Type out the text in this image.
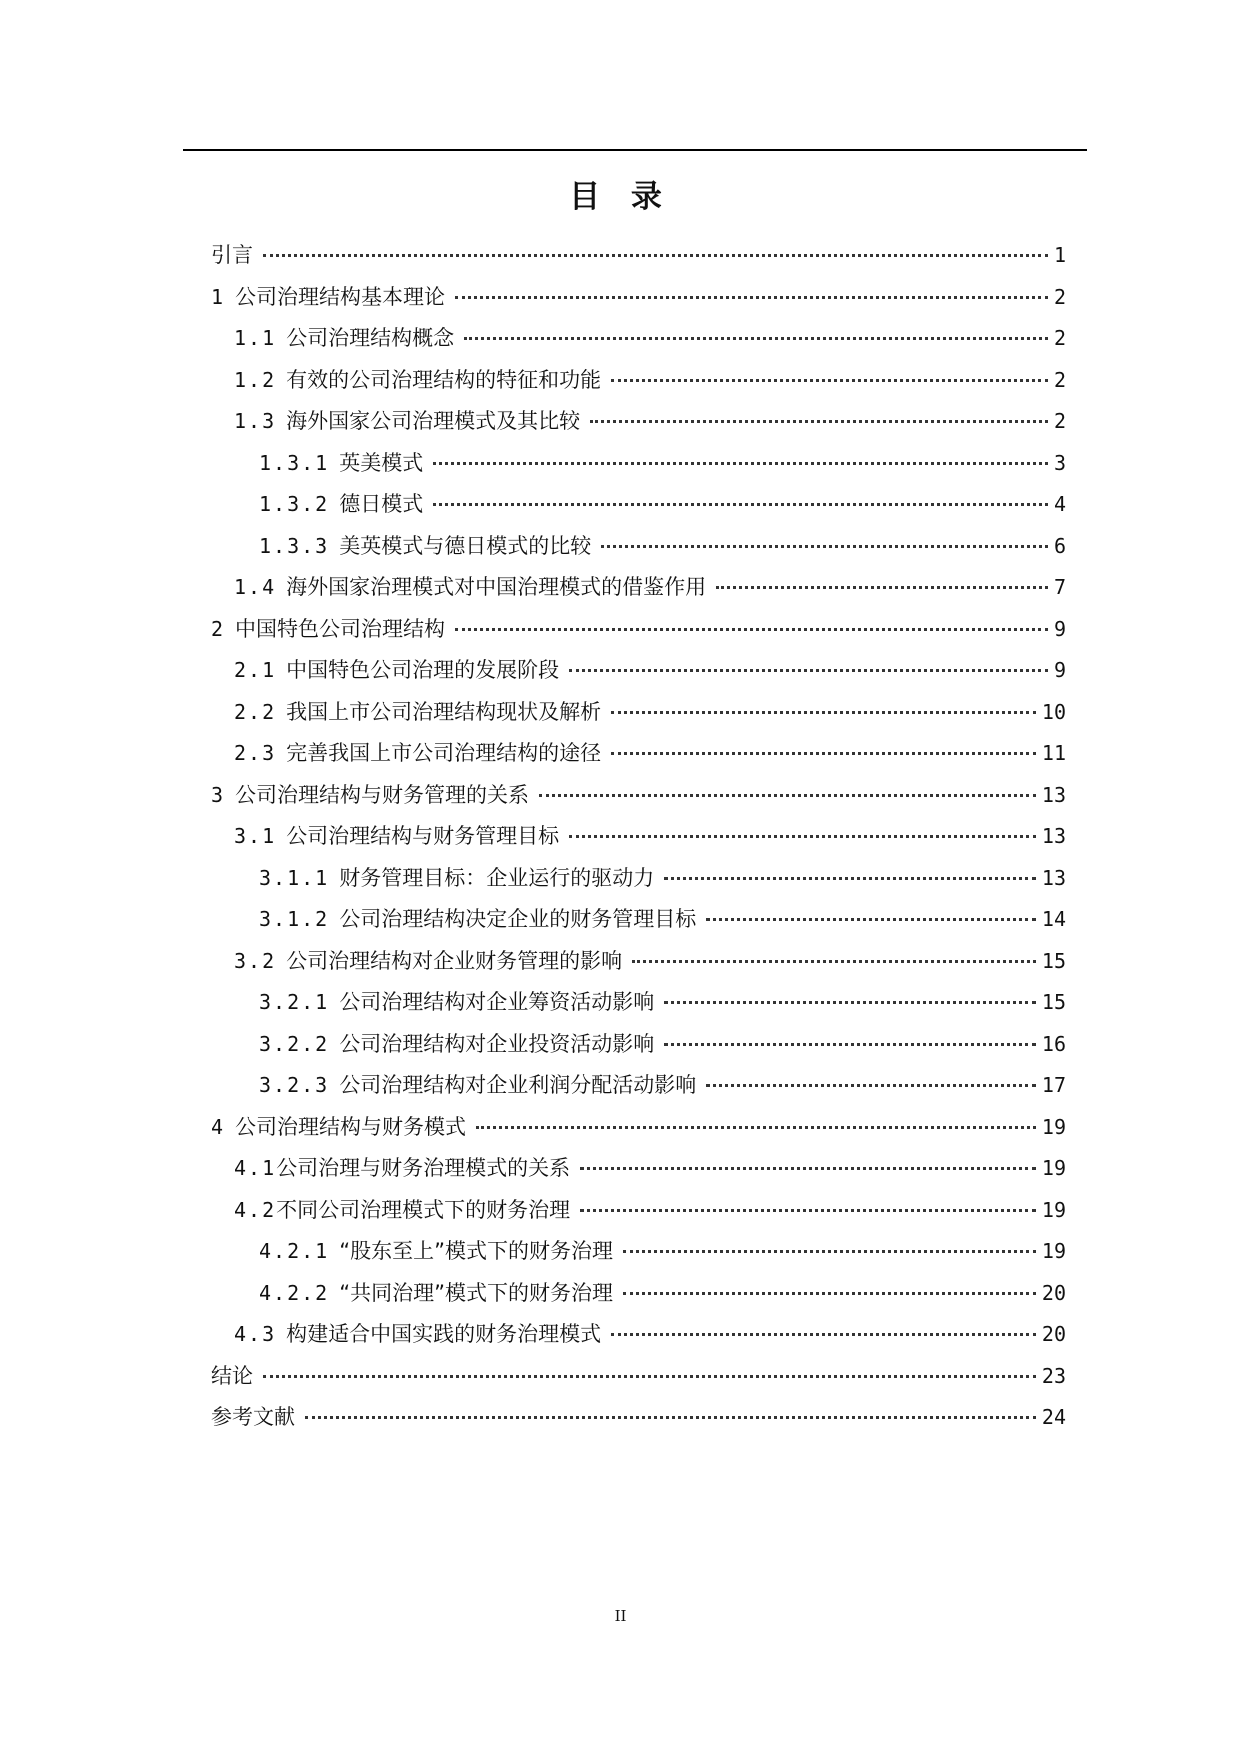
目 录
引言	1
1 公司治理结构基本理论	2
1.1 公司治理结构概念	2
1.2 有效的公司治理结构的特征和功能	2
1.3 海外国家公司治理模式及其比较	2
1.3.1 英美模式	3
1.3.2 德日模式	4
1.3.3 美英模式与德日模式的比较	6
1.4 海外国家治理模式对中国治理模式的借鉴作用	7
2 中国特色公司治理结构	9
2.1 中国特色公司治理的发展阶段	9
2.2 我国上市公司治理结构现状及解析	10
2.3 完善我国上市公司治理结构的途径	11
3 公司治理结构与财务管理的关系	13
3.1 公司治理结构与财务管理目标	13
3.1.1 财务管理目标：企业运行的驱动力	13
3.1.2 公司治理结构决定企业的财务管理目标	14
3.2 公司治理结构对企业财务管理的影响	15
3.2.1 公司治理结构对企业筹资活动影响	15
3.2.2 公司治理结构对企业投资活动影响	16
3.2.3 公司治理结构对企业利润分配活动影响	17
4 公司治理结构与财务模式	19
4.1 公司治理与财务治理模式的关系	19
4.2 不同公司治理模式下的财务治理	19
4.2.1 “股东至上”模式下的财务治理	19
4.2.2 “共同治理”模式下的财务治理	20
4.3 构建适合中国实践的财务治理模式	20
结论	23
参考文献	24
II
